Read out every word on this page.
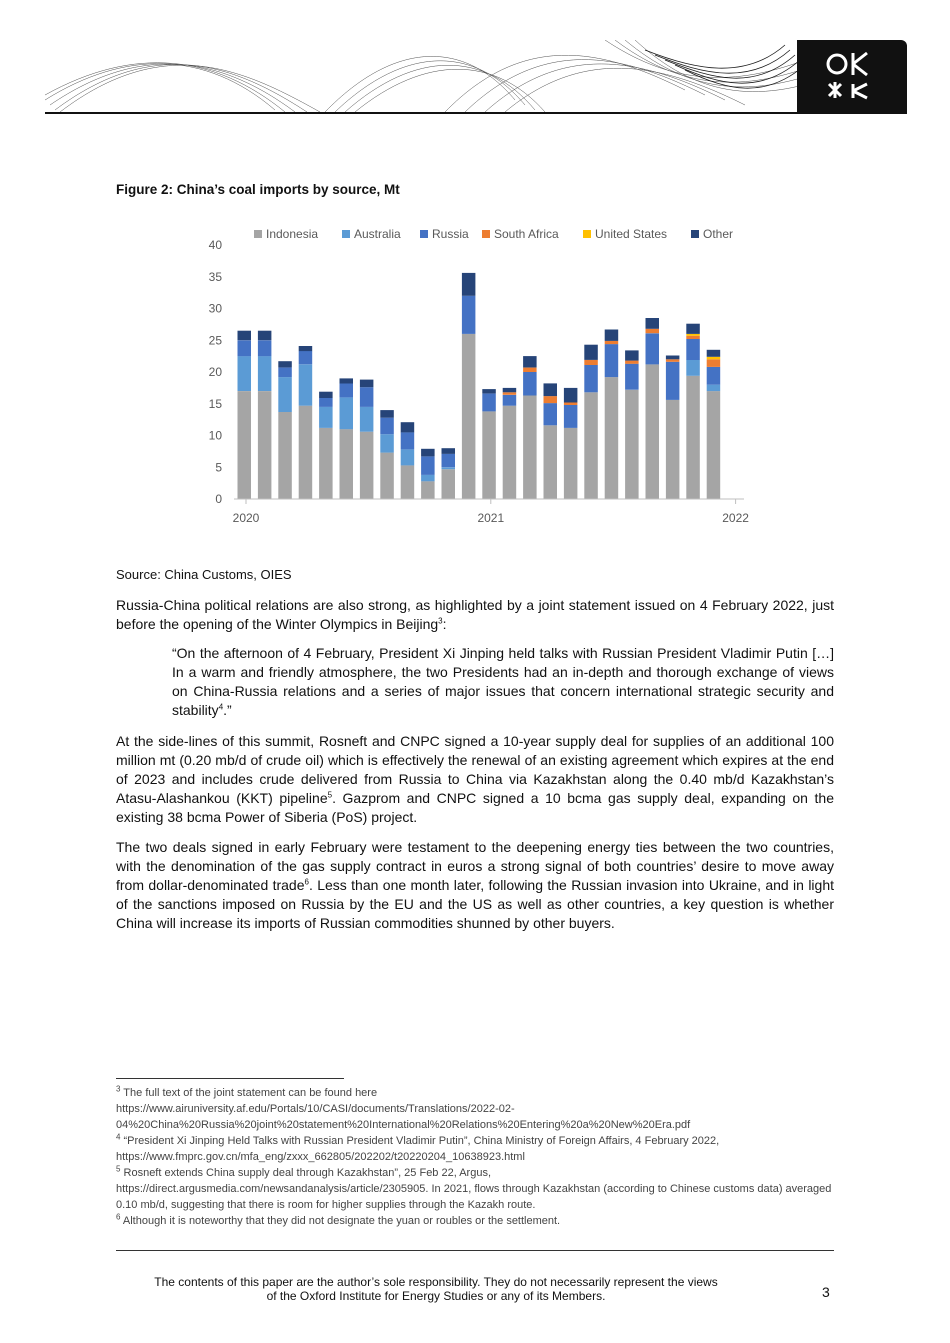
Figure 2: China’s coal imports by source, Mt
Indonesia	Australia	Russia South Africa	United States	Other
0
5
10
15
20
25
30
35
40
2020	2021	2022
Source: China Customs, OIES

Russia-China political relations are also strong, as highlighted by a joint statement issued on 4 February 2022, just before the opening of the Winter Olympics in Beijing$^3$:

“On the afternoon of 4 February, President Xi Jinping held talks with Russian President Vladimir Putin […] In a warm and friendly atmosphere, the two Presidents had an in-depth and thorough exchange of views on China-Russia relations and a series of major issues that concern international strategic security and stability$^4$.”

At the side-lines of this summit, Rosneft and CNPC signed a 10-year supply deal for supplies of an additional 100 million mt (0.20 mb/d of crude oil) which is effectively the renewal of an existing agreement which expires at the end of 2023 and includes crude delivered from Russia to China via Kazakhstan along the 0.40 mb/d Kazakhstan’s Atasu-Alashankou (KKT) pipeline$^5$. Gazprom and CNPC signed a 10 bcma gas supply deal, expanding on the existing 38 bcma Power of Siberia (PoS) project.

The two deals signed in early February were testament to the deepening energy ties between the two countries, with the denomination of the gas supply contract in euros a strong signal of both countries’ desire to move away from dollar-denominated trade$^6$. Less than one month later, following the Russian invasion into Ukraine, and in light of the sanctions imposed on Russia by the EU and the US as well as other countries, a key question is whether China will increase its imports of Russian commodities shunned by other buyers.

$^3$ The full text of the joint statement can be found here
https://www.airuniversity.af.edu/Portals/10/CASI/documents/Translations/2022-02-
04%20China%20Russia%20joint%20statement%20International%20Relations%20Entering%20a%20New%20Era.pdf
$^4$ “President Xi Jinping Held Talks with Russian President Vladimir Putin”, China Ministry of Foreign Affairs, 4 February 2022,
https://www.fmprc.gov.cn/mfa_eng/zxxx_662805/202202/t20220204_10638923.html
$^5$ Rosneft extends China supply deal through Kazakhstan”, 25 Feb 22, Argus,
https://direct.argusmedia.com/newsandanalysis/article/2305905. In 2021, flows through Kazakhstan (according to Chinese customs data) averaged 0.10 mb/d, suggesting that there is room for higher supplies through the Kazakh route.
$^6$ Although it is noteworthy that they did not designate the yuan or roubles or the settlement.
The contents of this paper are the author’s sole responsibility. They do not necessarily represent the views
of the Oxford Institute for Energy Studies or any of its Members.	3
